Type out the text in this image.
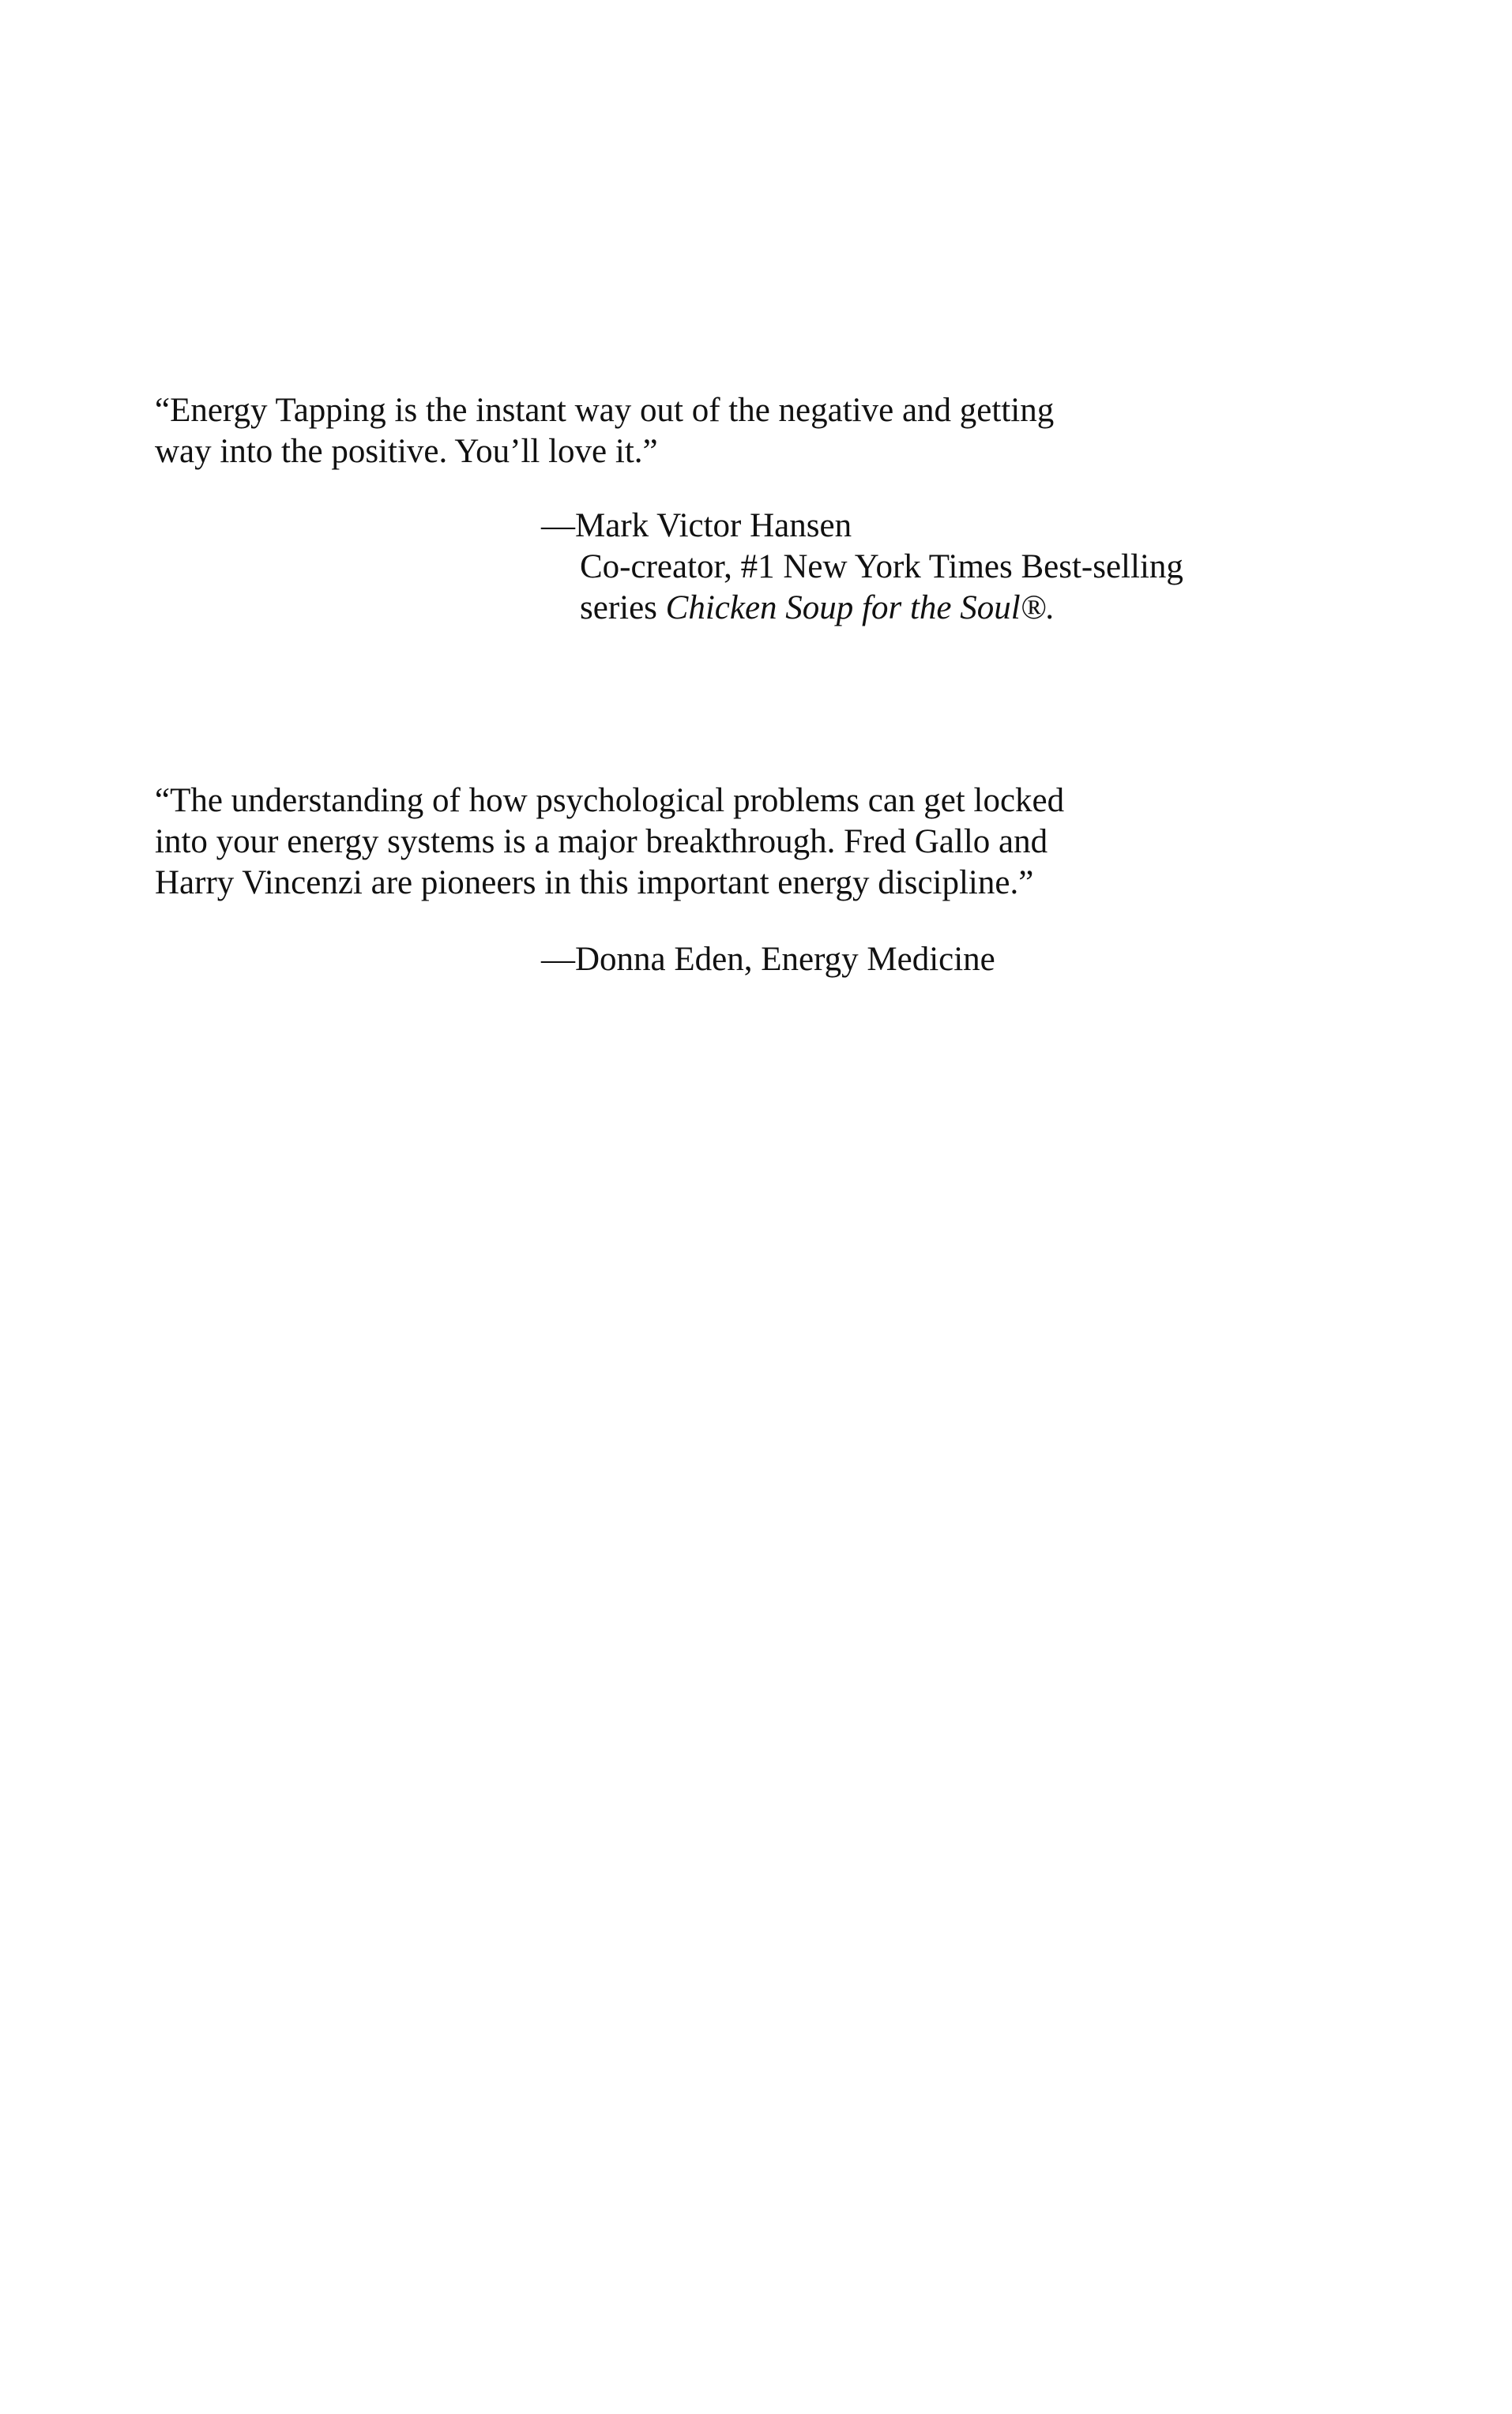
“Energy Tapping is the instant way out of the negative and getting
way into the positive. You’ll love it.”

—Mark Victor Hansen
Co-creator, #1 New York Times Best-selling
series Chicken Soup for the Soul®.

“The understanding of how psychological problems can get locked
into your energy systems is a major breakthrough. Fred Gallo and
Harry Vincenzi are pioneers in this important energy discipline.”

—Donna Eden, Energy Medicine
